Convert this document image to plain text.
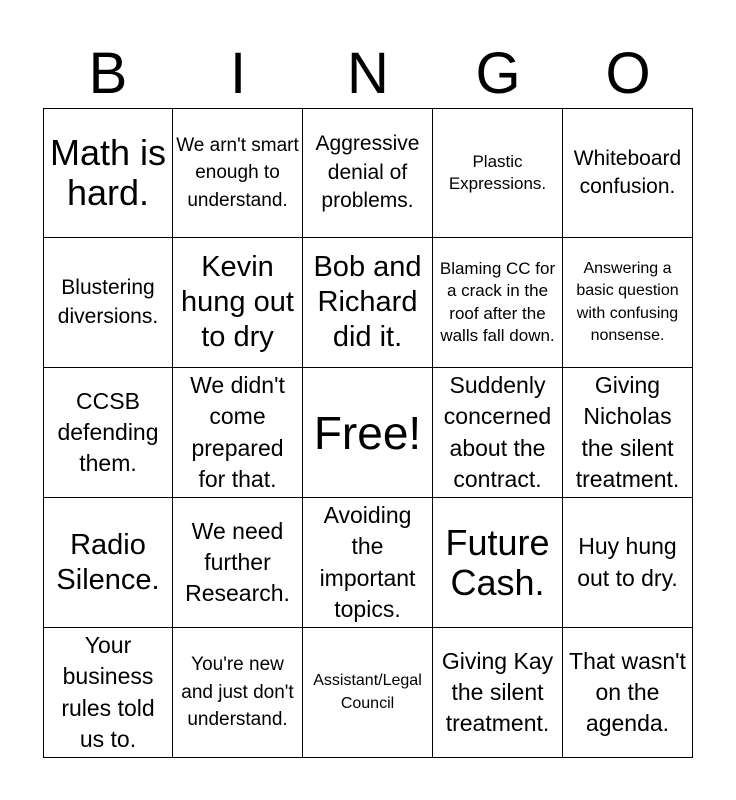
B	I	N	G	O
Math is hard.
We arn't smart enough to understand.
Aggressive denial of problems.
Plastic Expressions.
Whiteboard confusion.
Blustering diversions.
Kevin hung out to dry
Bob and Richard did it.
Blaming CC for a crack in the roof after the walls fall down.
Answering a basic question with confusing nonsense.
CCSB defending them.
We didn't come prepared for that.
Free!
Suddenly concerned about the contract.
Giving Nicholas the silent treatment.
Radio Silence.
We need further Research.
Avoiding the important topics.
Future Cash.
Huy hung out to dry.
Your business rules told us to.
You're new and just don't understand.
Assistant/Legal Council
Giving Kay the silent treatment.
That wasn't on the agenda.
